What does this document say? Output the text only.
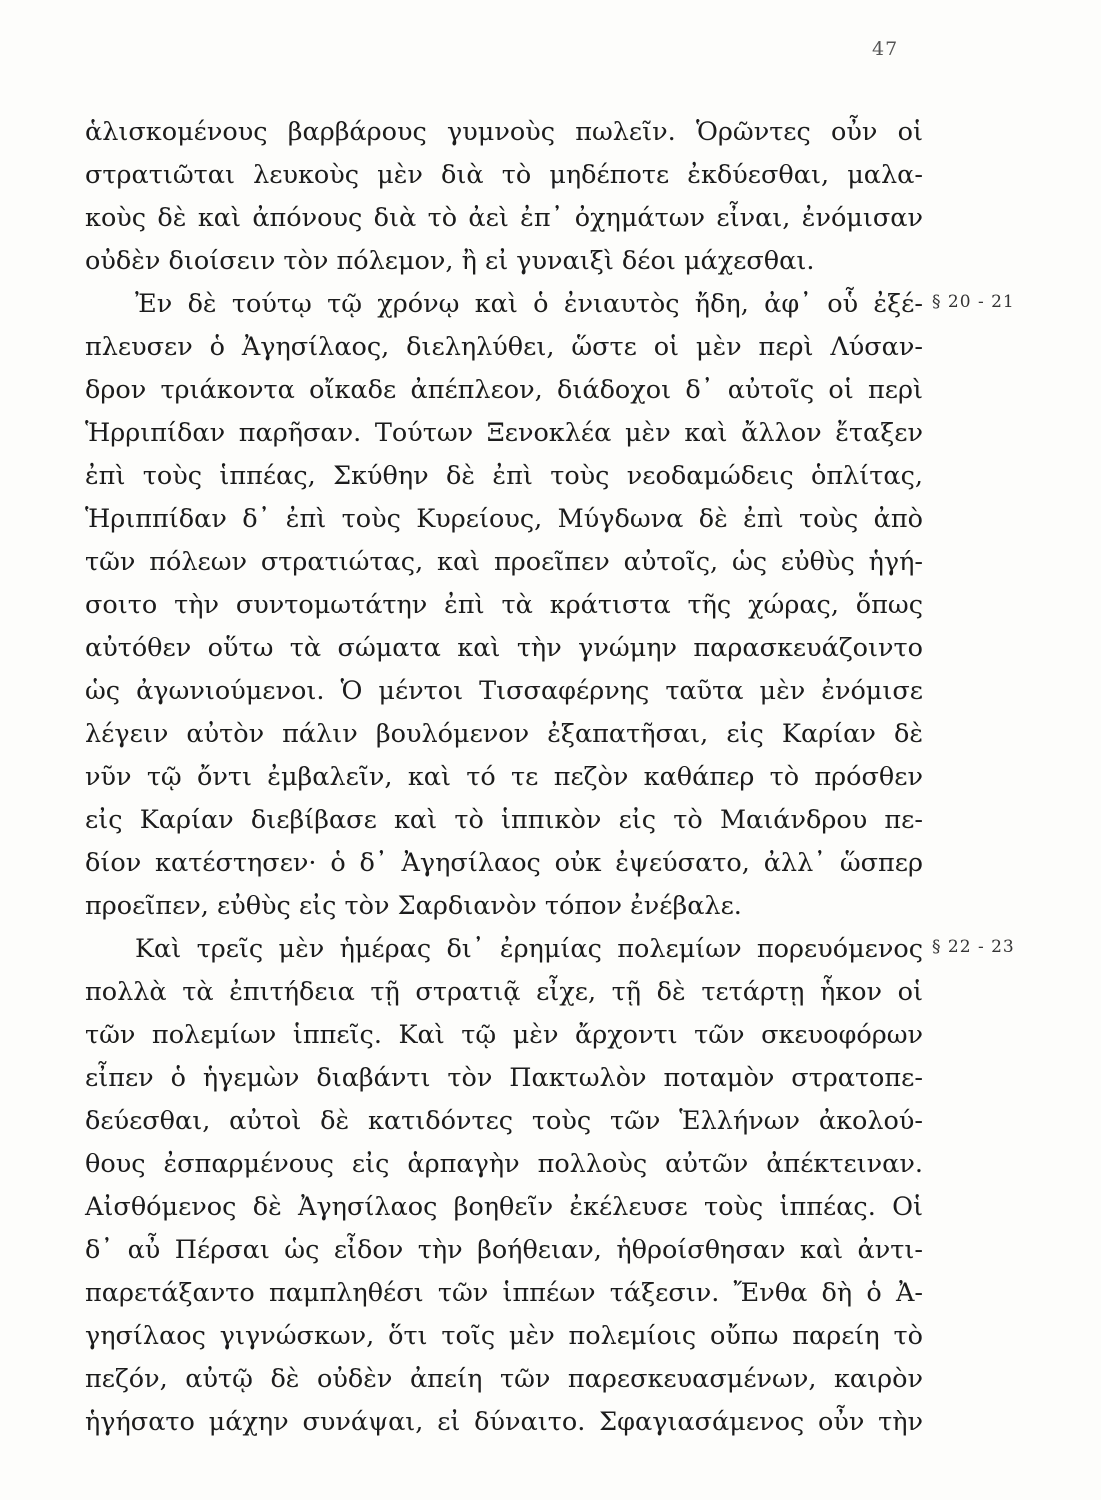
47
ἁλισκομένους βαρβάρους γυμνοὺς πωλεῖν. Ὁρῶντες οὖν οἱ
στρατιῶται λευκοὺς μὲν διὰ τὸ μηδέποτε ἐκδύεσθαι, μαλα-
κοὺς δὲ καὶ ἀπόνους διὰ τὸ ἀεὶ ἐπ᾽ ὀχημάτων εἶναι, ἐνόμισαν
οὐδὲν διοίσειν τὸν πόλεμον, ἢ εἰ γυναιξὶ δέοι μάχεσθαι.
Ἐν δὲ τούτῳ τῷ χρόνῳ καὶ ὁ ἐνιαυτὸς ἤδη, ἀφ᾽ οὗ ἐξέ-
πλευσεν ὁ Ἀγησίλαος, διεληλύθει, ὥστε οἱ μὲν περὶ Λύσαν-
δρον τριάκοντα οἴκαδε ἀπέπλεον, διάδοχοι δ᾽ αὐτοῖς οἱ περὶ
Ἡρριπίδαν παρῆσαν. Τούτων Ξενοκλέα μὲν καὶ ἄλλον ἔταξεν
ἐπὶ τοὺς ἱππέας, Σκύθην δὲ ἐπὶ τοὺς νεοδαμώδεις ὁπλίτας,
Ἡριππίδαν δ᾽ ἐπὶ τοὺς Κυρείους, Μύγδωνα δὲ ἐπὶ τοὺς ἀπὸ
τῶν πόλεων στρατιώτας, καὶ προεῖπεν αὐτοῖς, ὡς εὐθὺς ἡγή-
σοιτο τὴν συντομωτάτην ἐπὶ τὰ κράτιστα τῆς χώρας, ὅπως
αὐτόθεν οὕτω τὰ σώματα καὶ τὴν γνώμην παρασκευάζοιντο
ὡς ἀγωνιούμενοι. Ὁ μέντοι Τισσαφέρνης ταῦτα μὲν ἐνόμισε
λέγειν αὐτὸν πάλιν βουλόμενον ἐξαπατῆσαι, εἰς Καρίαν δὲ
νῦν τῷ ὄντι ἐμβαλεῖν, καὶ τό τε πεζὸν καθάπερ τὸ πρόσθεν
εἰς Καρίαν διεβίβασε καὶ τὸ ἱππικὸν εἰς τὸ Μαιάνδρου πε-
δίον κατέστησεν· ὁ δ᾽ Ἀγησίλαος οὐκ ἐψεύσατο, ἀλλ᾽ ὥσπερ
προεῖπεν, εὐθὺς εἰς τὸν Σαρδιανὸν τόπον ἐνέβαλε.
Καὶ τρεῖς μὲν ἡμέρας δι᾽ ἐρημίας πολεμίων πορευόμενος
πολλὰ τὰ ἐπιτήδεια τῇ στρατιᾷ εἶχε, τῇ δὲ τετάρτῃ ἧκον οἱ
τῶν πολεμίων ἱππεῖς. Καὶ τῷ μὲν ἄρχοντι τῶν σκευοφόρων
εἶπεν ὁ ἡγεμὼν διαβάντι τὸν Πακτωλὸν ποταμὸν στρατοπε-
δεύεσθαι, αὐτοὶ δὲ κατιδόντες τοὺς τῶν Ἑλλήνων ἀκολού-
θους ἐσπαρμένους εἰς ἁρπαγὴν πολλοὺς αὐτῶν ἀπέκτειναν.
Αἰσθόμενος δὲ Ἀγησίλαος βοηθεῖν ἐκέλευσε τοὺς ἱππέας. Οἱ
δ᾽ αὖ Πέρσαι ὡς εἶδον τὴν βοήθειαν, ἡθροίσθησαν καὶ ἀντι-
παρετάξαντο παμπληθέσι τῶν ἱππέων τάξεσιν. Ἔνθα δὴ ὁ Ἀ-
γησίλαος γιγνώσκων, ὅτι τοῖς μὲν πολεμίοις οὔπω παρείη τὸ
πεζόν, αὐτῷ δὲ οὐδὲν ἀπείη τῶν παρεσκευασμένων, καιρὸν
ἡγήσατο μάχην συνάψαι, εἰ δύναιτο. Σφαγιασάμενος οὖν τὴν
§ 20 - 21
§ 22 - 23
